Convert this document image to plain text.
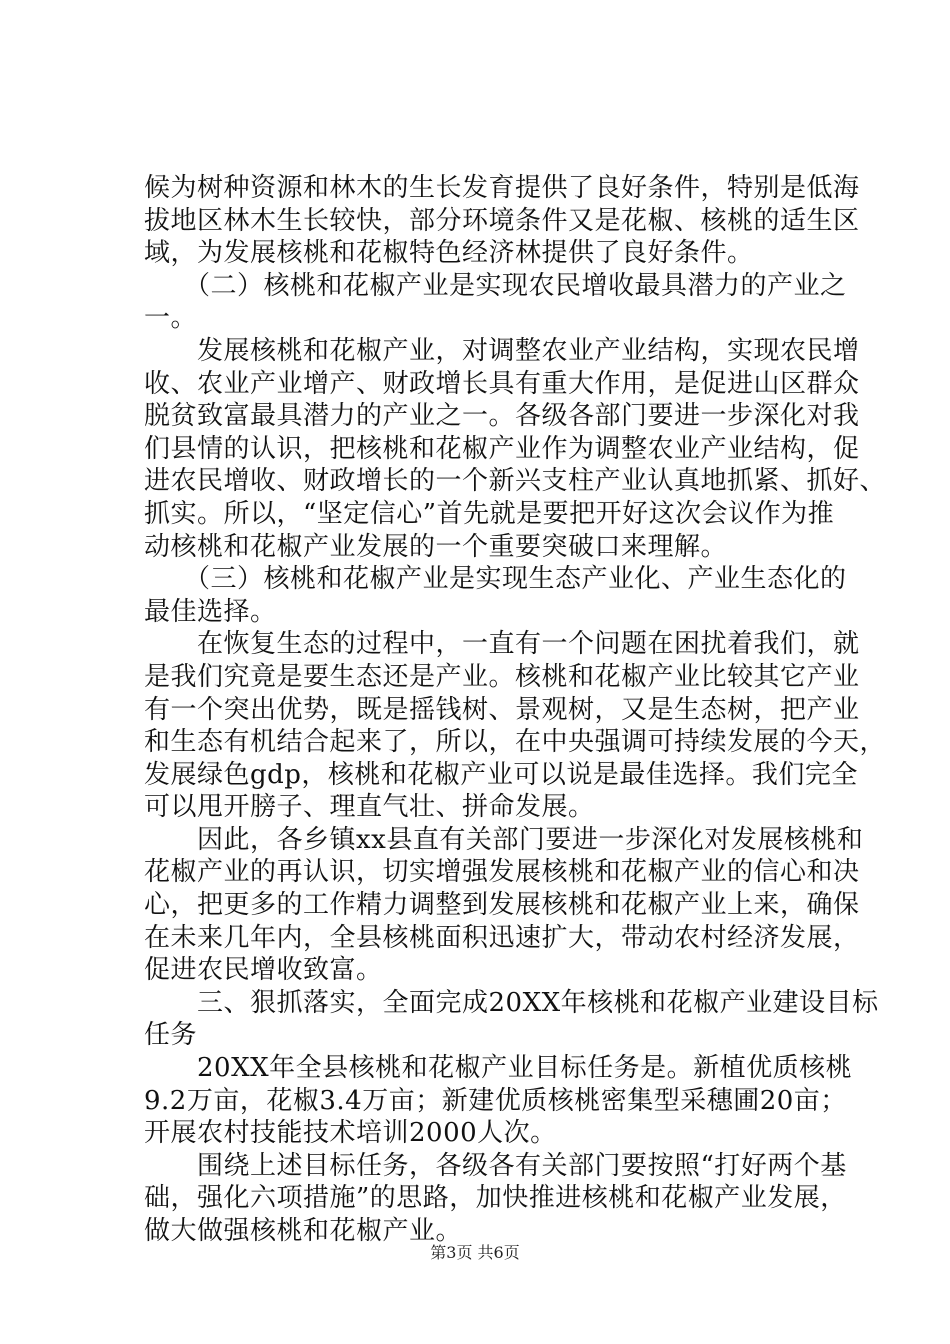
候为树种资源和林木的生长发育提供了良好条件，特别是低海
拔地区林木生长较快，部分环境条件又是花椒、核桃的适生区
域，为发展核桃和花椒特色经济林提供了良好条件。
　　（二）核桃和花椒产业是实现农民增收最具潜力的产业之
一。
　　发展核桃和花椒产业，对调整农业产业结构，实现农民增
收、农业产业增产、财政增长具有重大作用，是促进山区群众
脱贫致富最具潜力的产业之一。各级各部门要进一步深化对我
们县情的认识，把核桃和花椒产业作为调整农业产业结构，促
进农民增收、财政增长的一个新兴支柱产业认真地抓紧、抓好、
抓实。所以，“坚定信心”首先就是要把开好这次会议作为推
动核桃和花椒产业发展的一个重要突破口来理解。
　　（三）核桃和花椒产业是实现生态产业化、产业生态化的
最佳选择。
　　在恢复生态的过程中，一直有一个问题在困扰着我们，就
是我们究竟是要生态还是产业。核桃和花椒产业比较其它产业
有一个突出优势，既是摇钱树、景观树，又是生态树，把产业
和生态有机结合起来了，所以，在中央强调可持续发展的今天，
发展绿色gdp，核桃和花椒产业可以说是最佳选择。我们完全
可以甩开膀子、理直气壮、拼命发展。
　　因此，各乡镇xx县直有关部门要进一步深化对发展核桃和
花椒产业的再认识，切实增强发展核桃和花椒产业的信心和决
心，把更多的工作精力调整到发展核桃和花椒产业上来，确保
在未来几年内，全县核桃面积迅速扩大，带动农村经济发展，
促进农民增收致富。
　　三、狠抓落实，全面完成20XX年核桃和花椒产业建设目标
任务
　　20XX年全县核桃和花椒产业目标任务是。新植优质核桃
9.2万亩，花椒3.4万亩；新建优质核桃密集型采穗圃20亩；
开展农村技能技术培训2000人次。
　　围绕上述目标任务，各级各有关部门要按照“打好两个基
础，强化六项措施”的思路，加快推进核桃和花椒产业发展，
做大做强核桃和花椒产业。
第3页 共6页
